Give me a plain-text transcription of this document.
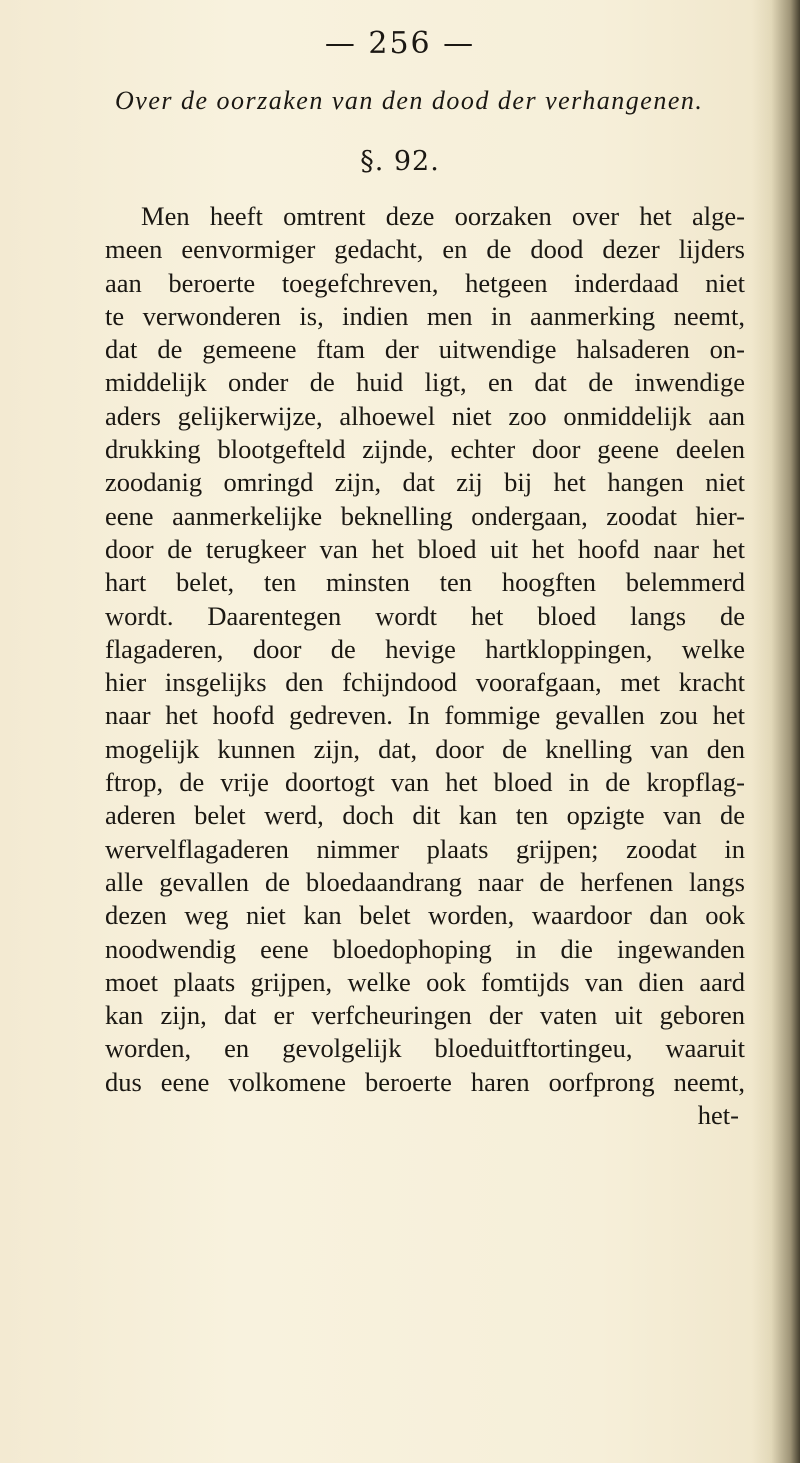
— 256 —
Over de oorzaken van den dood der verhangenen.
§. 92.
Men heeft omtrent deze oorzaken over het alge-
meen eenvormiger gedacht, en de dood dezer lijders
aan beroerte toegefchreven, hetgeen inderdaad niet
te verwonderen is, indien men in aanmerking neemt,
dat de gemeene ftam der uitwendige halsaderen on-
middelijk onder de huid ligt, en dat de inwendige
aders gelijkerwijze, alhoewel niet zoo onmiddelijk aan
drukking blootgefteld zijnde, echter door geene deelen
zoodanig omringd zijn, dat zij bij het hangen niet
eene aanmerkelijke beknelling ondergaan, zoodat hier-
door de terugkeer van het bloed uit het hoofd naar het
hart belet, ten minsten ten hoogften belemmerd
wordt. Daarentegen wordt het bloed langs de
flagaderen, door de hevige hartkloppingen, welke
hier insgelijks den fchijndood voorafgaan, met kracht
naar het hoofd gedreven. In fommige gevallen zou het
mogelijk kunnen zijn, dat, door de knelling van den
ftrop, de vrije doortogt van het bloed in de kropflag-
aderen belet werd, doch dit kan ten opzigte van de
wervelflagaderen nimmer plaats grijpen; zoodat in
alle gevallen de bloedaandrang naar de herfenen langs
dezen weg niet kan belet worden, waardoor dan ook
noodwendig eene bloedophoping in die ingewanden
moet plaats grijpen, welke ook fomtijds van dien aard
kan zijn, dat er verfcheuringen der vaten uit geboren
worden, en gevolgelijk bloeduitftortingeu, waaruit
dus eene volkomene beroerte haren oorfprong neemt,
het-
